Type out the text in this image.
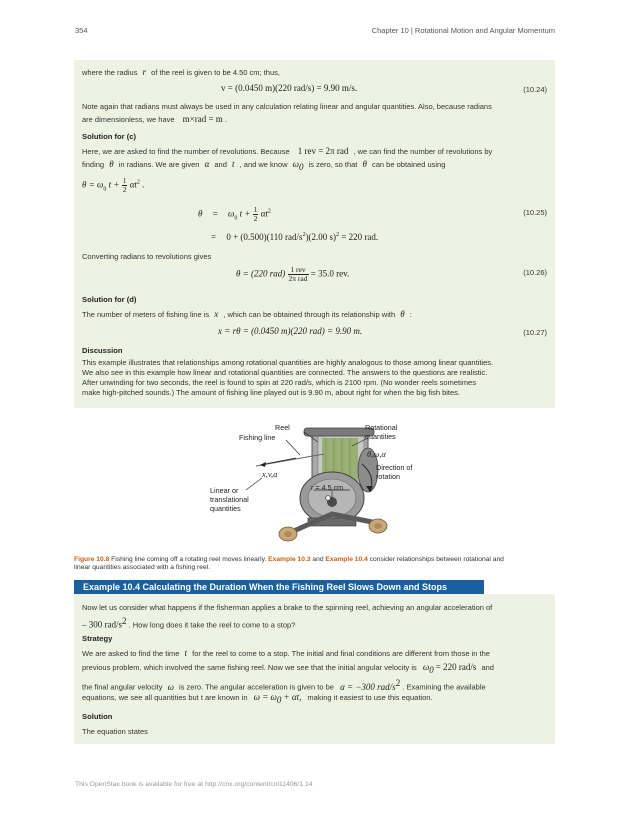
354	Chapter 10 | Rotational Motion and Angular Momentum
where the radius r of the reel is given to be 4.50 cm; thus,
v = (0.0450 m)(220 rad/s) = 9.90 m/s.	(10.24)
Note again that radians must always be used in any calculation relating linear and angular quantities. Also, because radians
are dimensionless, we have m×rad = m .
Solution for (c)
Here, we are asked to find the number of revolutions. Because 1 rev = 2π rad , we can find the number of revolutions by
finding θ in radians. We are given α and t , and we know $\omega_0$ is zero, so that θ can be obtained using
$\theta = \omega_0$ $t + \frac{1}{2} \alpha t^2$ .
$\theta = \omega_0$ $t + \frac{1}{2} \alpha t^2$	(10.25)
= 0 + (0.500)(110 rad/$s^2)(2.00$ s)$^2$ = 220 rad.
Converting radians to revolutions gives
θ = (220 $rad) \frac{\text{1 rev}}{\text{2π rad}} = 35.0$ rev.	(10.26)
Solution for (d)
The number of meters of fishing line is x , which can be obtained through its relationship with θ :
x = rθ = (0.0450 m)(220 rad) = 9.90 m.	(10.27)
Discussion
This example illustrates that relationships among rotational quantities are highly analogous to those among linear quantities.
We also see in this example how linear and rotational quantities are connected. The answers to the questions are realistic.
After unwinding for two seconds, the reel is found to spin at 220 rad/s, which is 2100 rpm. (No wonder reels sometimes
make high-pitched sounds.) The amount of fishing line played out is 9.90 m, about right for when the big fish bites.
Reel
Fishing line
Rotational
quantities
θ,ω,α
x,v,a
Direction of
rotation
Linear or
translational
quantities
r = 4.5 cm
Figure 10.8 Fishing line coming off a rotating reel moves linearly. Example 10.3 and Example 10.4 consider relationships between rotational and
linear quantities associated with a fishing reel.
Example 10.4 Calculating the Duration When the Fishing Reel Slows Down and Stops
Now let us consider what happens if the fisherman applies a brake to the spinning reel, achieving an angular acceleration of
– 300 rad/$s^2$ . How long does it take the reel to come to a stop?
Strategy
We are asked to find the time t for the reel to come to a stop. The initial and final conditions are different from those in the
previous problem, which involved the same fishing reel. Now we see that the initial angular velocity is $\omega_0 = 220$ rad/s and
the final angular velocity ω is zero. The angular acceleration is given to be α = −300 rad/$s^2$ . Examining the available
equations, we see all quantities but t are known in $\omega = \omega_0 + \alpha t$, making it easiest to use this equation.
Solution
The equation states
This OpenStax book is available for free at http://cnx.org/content/col11406/1.14
